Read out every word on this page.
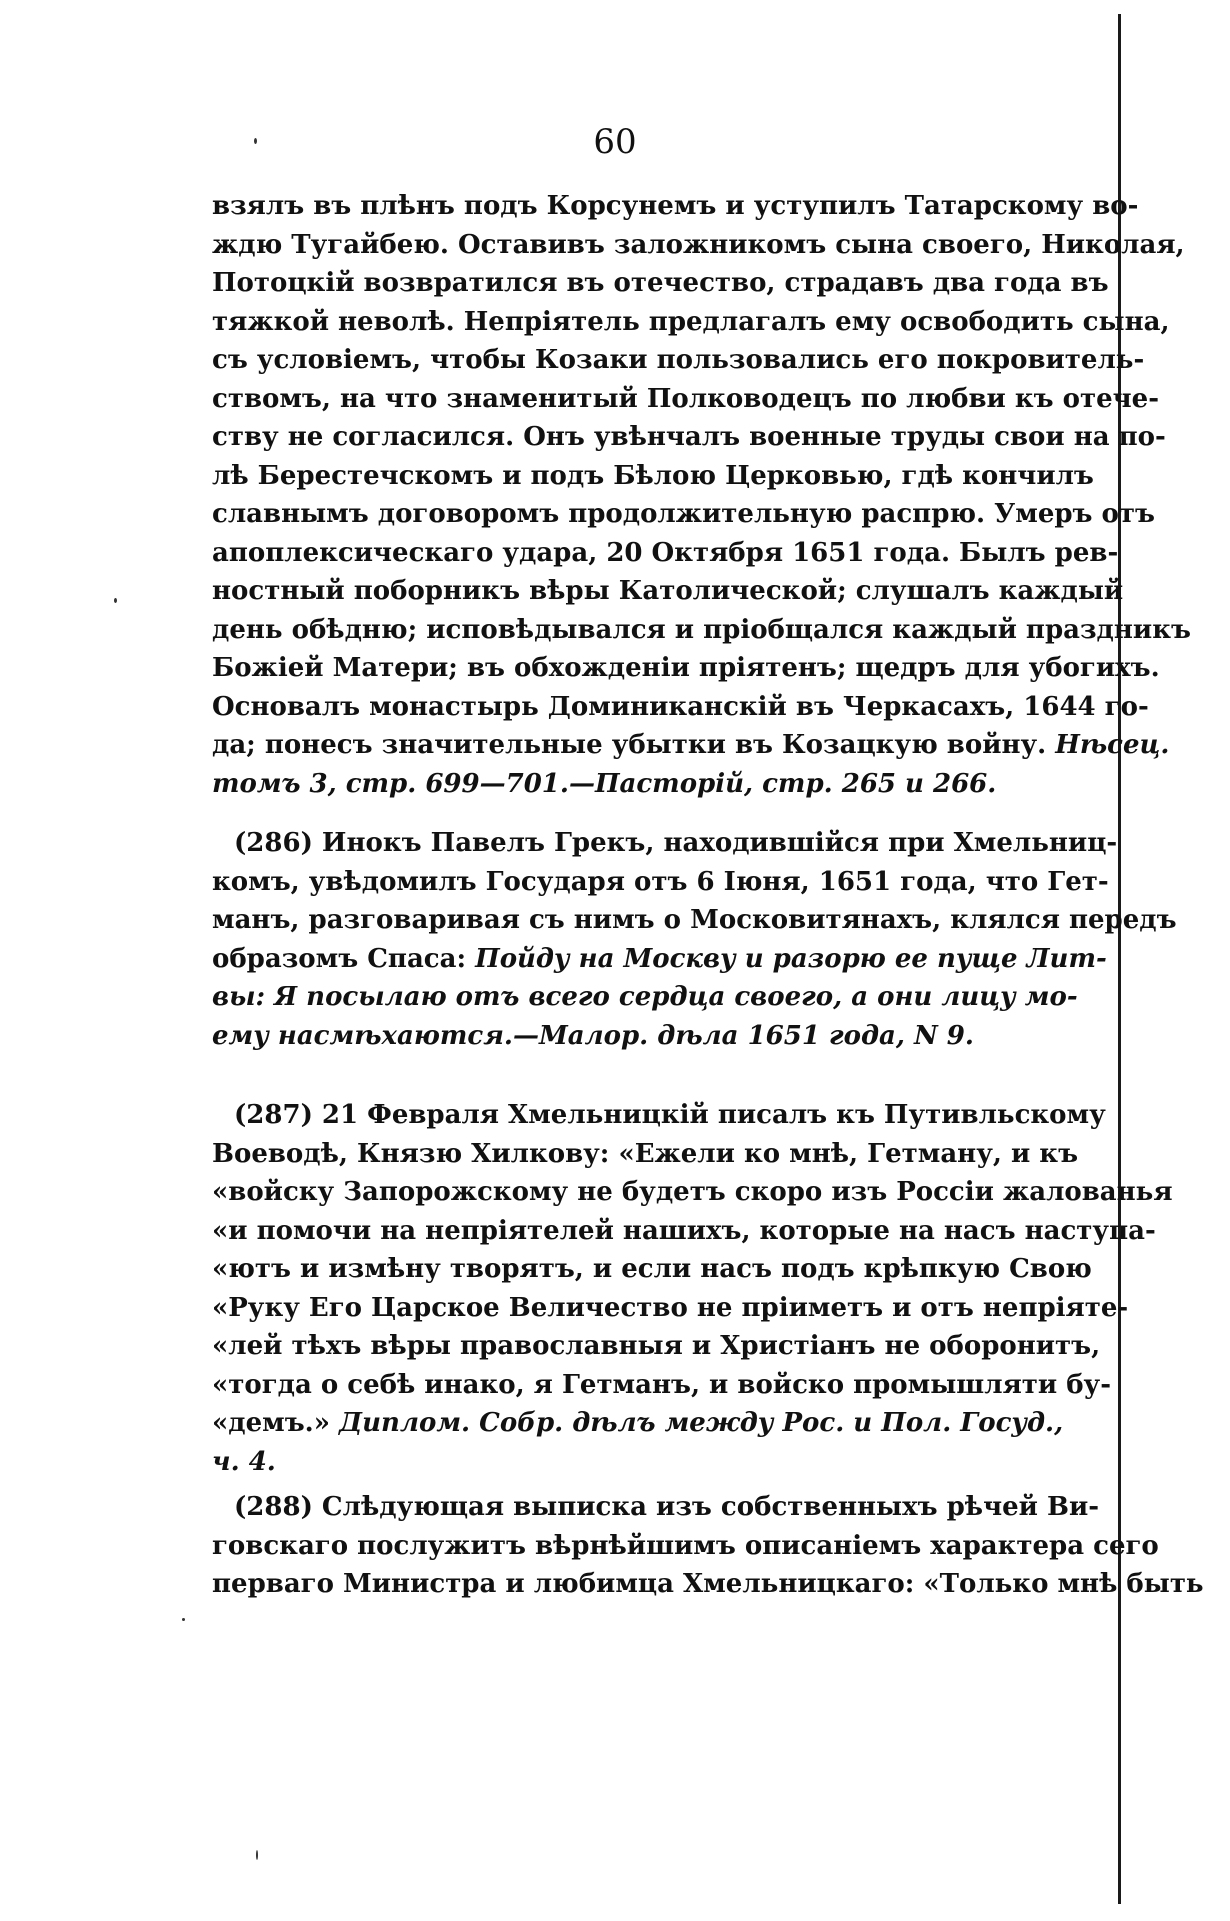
60
взялъ въ плѣнъ подъ Корсунемъ и уступилъ Татарскому во-
ждю Тугайбею. Оставивъ заложникомъ сына своего, Николая,
Потоцкій возвратился въ отечество, страдавъ два года въ
тяжкой неволѣ. Непріятель предлагалъ ему освободить сына,
съ условіемъ, чтобы Козаки пользовались его покровитель-
ствомъ, на что знаменитый Полководецъ по любви къ отече-
ству не согласился. Онъ увѣнчалъ военные труды свои на по-
лѣ Берестечскомъ и подъ Бѣлою Церковью, гдѣ кончилъ
славнымъ договоромъ продолжительную распрю. Умеръ отъ
апоплексическаго удара, 20 Октября 1651 года. Былъ рев-
ностный поборникъ вѣры Католической; слушалъ каждый
день обѣдню; исповѣдывался и пріобщался каждый праздникъ
Божіей Матери; въ обхожденіи пріятенъ; щедръ для убогихъ.
Основалъ монастырь Доминиканскій въ Черкасахъ, 1644 го-
да; понесъ значительные убытки въ Козацкую войну. Нѣсец.
томъ 3, стр. 699—701.—Пасторій, стр. 265 и 266.
(286) Инокъ Павелъ Грекъ, находившійся при Хмельниц-
комъ, увѣдомилъ Государя отъ 6 Іюня, 1651 года, что Гет-
манъ, разговаривая съ нимъ о Московитянахъ, клялся передъ
образомъ Спаса: Пойду на Москву и разорю ее пуще Лит-
вы: Я посылаю отъ всего сердца своего, а они лицу мо-
ему насмѣхаются.—Малор. дѣла 1651 года, N 9.
(287) 21 Февраля Хмельницкій писалъ къ Путивльскому
Воеводѣ, Князю Хилкову: «Ежели ко мнѣ, Гетману, и къ
«войску Запорожскому не будетъ скоро изъ Россіи жалованья
«и помочи на непріятелей нашихъ, которые на насъ наступа-
«ютъ и измѣну творятъ, и если насъ подъ крѣпкую Свою
«Руку Его Царское Величество не пріиметъ и отъ непріяте-
«лей тѣхъ вѣры православныя и Христіанъ не оборонитъ,
«тогда о себѣ инако, я Гетманъ, и войско промышляти бу-
«демъ.» Диплом. Собр. дѣлъ между Рос. и Пол. Госуд.,
ч. 4.
(288) Слѣдующая выписка изъ собственныхъ рѣчей Ви-
говскаго послужитъ вѣрнѣйшимъ описаніемъ характера сего
перваго Министра и любимца Хмельницкаго: «Только мнѣ быть
